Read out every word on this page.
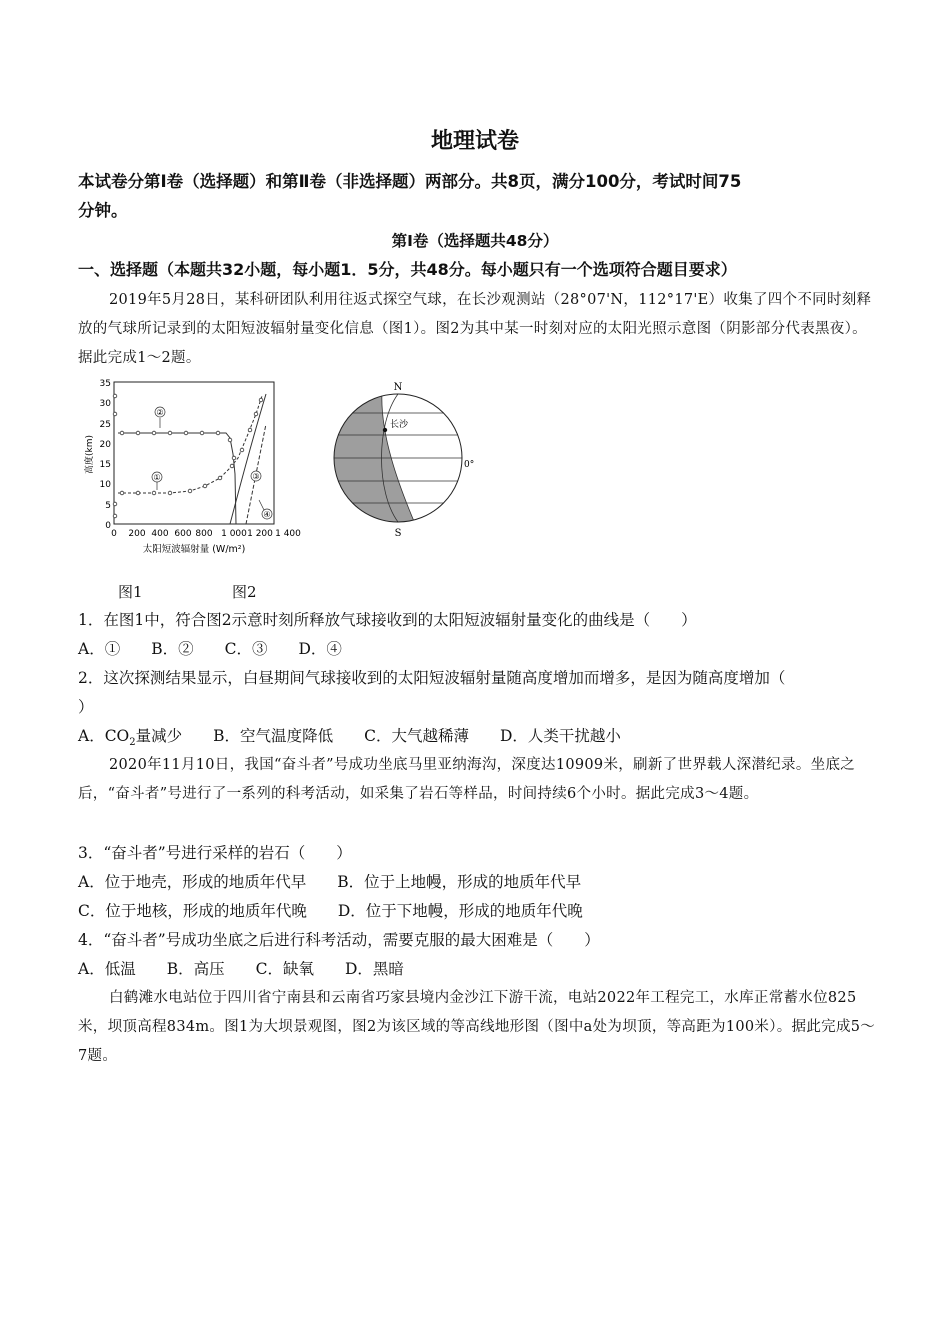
地理试卷
本试卷分第Ⅰ卷（选择题）和第Ⅱ卷（非选择题）两部分。共8页，满分100分，考试时间75
分钟。
第Ⅰ卷（选择题共48分）
一、选择题（本题共32小题，每小题1．5分，共48分。每小题只有一个选项符合题目要求）
2019年5月28日，某科研团队利用往返式探空气球，在长沙观测站（28°07'N，112°17'E）收集了四个不同时刻释放的气球所记录到的太阳短波辐射量变化信息（图1）。图2为其中某一时刻对应的太阳光照示意图（阴影部分代表黑夜）。据此完成1～2题。
高度(km)
35
30
25
20
15
10
5
0
0 200 400 600 800 1 000 1 200 1 400
太阳短波辐射量 (W/m²)
②
①	③
④
长沙
N
S
0°
图1	图2
1．在图1中，符合图2示意时刻所释放气球接收到的太阳短波辐射量变化的曲线是（　　）
A．①　　B．②　　C．③　　D．④
2．这次探测结果显示，白昼期间气球接收到的太阳短波辐射量随高度增加而增多，是因为随高度增加（
）
A．$CO_2$量减少　　 B．空气温度降低　　 C．大气越稀薄　　 D．人类干扰越小
2020年11月10日，我国“奋斗者”号成功坐底马里亚纳海沟，深度达10909米，刷新了世界载人深潜纪录。坐底之后，“奋斗者”号进行了一系列的科考活动，如采集了岩石等样品，时间持续6个小时。据此完成3～4题。
3．“奋斗者”号进行采样的岩石（　　）
A．位于地壳，形成的地质年代早　　B．位于上地幔，形成的地质年代早
C．位于地核，形成的地质年代晚　　D．位于下地幔，形成的地质年代晚
4．“奋斗者”号成功坐底之后进行科考活动，需要克服的最大困难是（　　）
A．低温　　B．高压　　C．缺氧　　D．黑暗
白鹤滩水电站位于四川省宁南县和云南省巧家县境内金沙江下游干流，电站2022年工程完工，水库正常蓄水位825米，坝顶高程834m。图1为大坝景观图，图2为该区域的等高线地形图（图中a处为坝顶，等高距为100米）。据此完成5～7题。
